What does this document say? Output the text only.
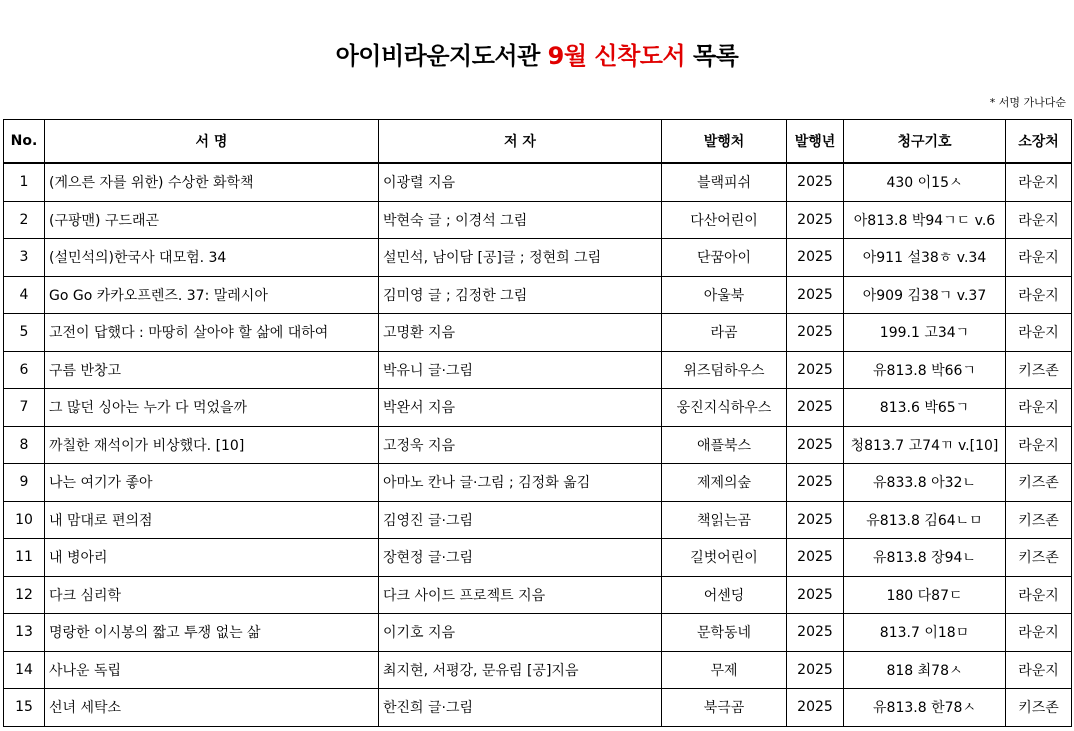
아이비라운지도서관 9월 신착도서 목록
* 서명 가나다순
No.	서 명	저 자	발행처	발행년	청구기호	소장처
1	(게으른 자를 위한) 수상한 화학책	이광렬 지음	블랙피쉬	2025	430 이15ㅅ	라운지
2	(구팡맨) 구드래곤	박현숙 글 ; 이경석 그림	다산어린이	2025	아813.8 박94ㄱㄷ v.6	라운지
3	(설민석의)한국사 대모험. 34	설민석, 남이담 [공]글 ; 정현희 그림	단꿈아이	2025	아911 설38ㅎ v.34	라운지
4	Go Go 카카오프렌즈. 37: 말레시아	김미영 글 ; 김정한 그림	아울북	2025	아909 김38ㄱ v.37	라운지
5	고전이 답했다 : 마땅히 살아야 할 삶에 대하여	고명환 지음	라곰	2025	199.1 고34ㄱ	라운지
6	구름 반창고	박유니 글·그림	위즈덤하우스	2025	유813.8 박66ㄱ	키즈존
7	그 많던 싱아는 누가 다 먹었을까	박완서 지음	웅진지식하우스	2025	813.6 박65ㄱ	라운지
8	까칠한 재석이가 비상했다. [10]	고정욱 지음	애플북스	2025	청813.7 고74ㄲ v.[10]	라운지
9	나는 여기가 좋아	아마노 칸나 글·그림 ; 김정화 옮김	제제의숲	2025	유833.8 아32ㄴ	키즈존
10	내 맘대로 편의점	김영진 글·그림	책읽는곰	2025	유813.8 김64ㄴㅁ	키즈존
11	내 병아리	장현정 글·그림	길벗어린이	2025	유813.8 장94ㄴ	키즈존
12	다크 심리학	다크 사이드 프로젝트 지음	어센딩	2025	180 다87ㄷ	라운지
13	명랑한 이시봉의 짧고 투쟁 없는 삶	이기호 지음	문학동네	2025	813.7 이18ㅁ	라운지
14	사나운 독립	최지현, 서평강, 문유림 [공]지음	무제	2025	818 최78ㅅ	라운지
15	선녀 세탁소	한진희 글·그림	북극곰	2025	유813.8 한78ㅅ	키즈존
